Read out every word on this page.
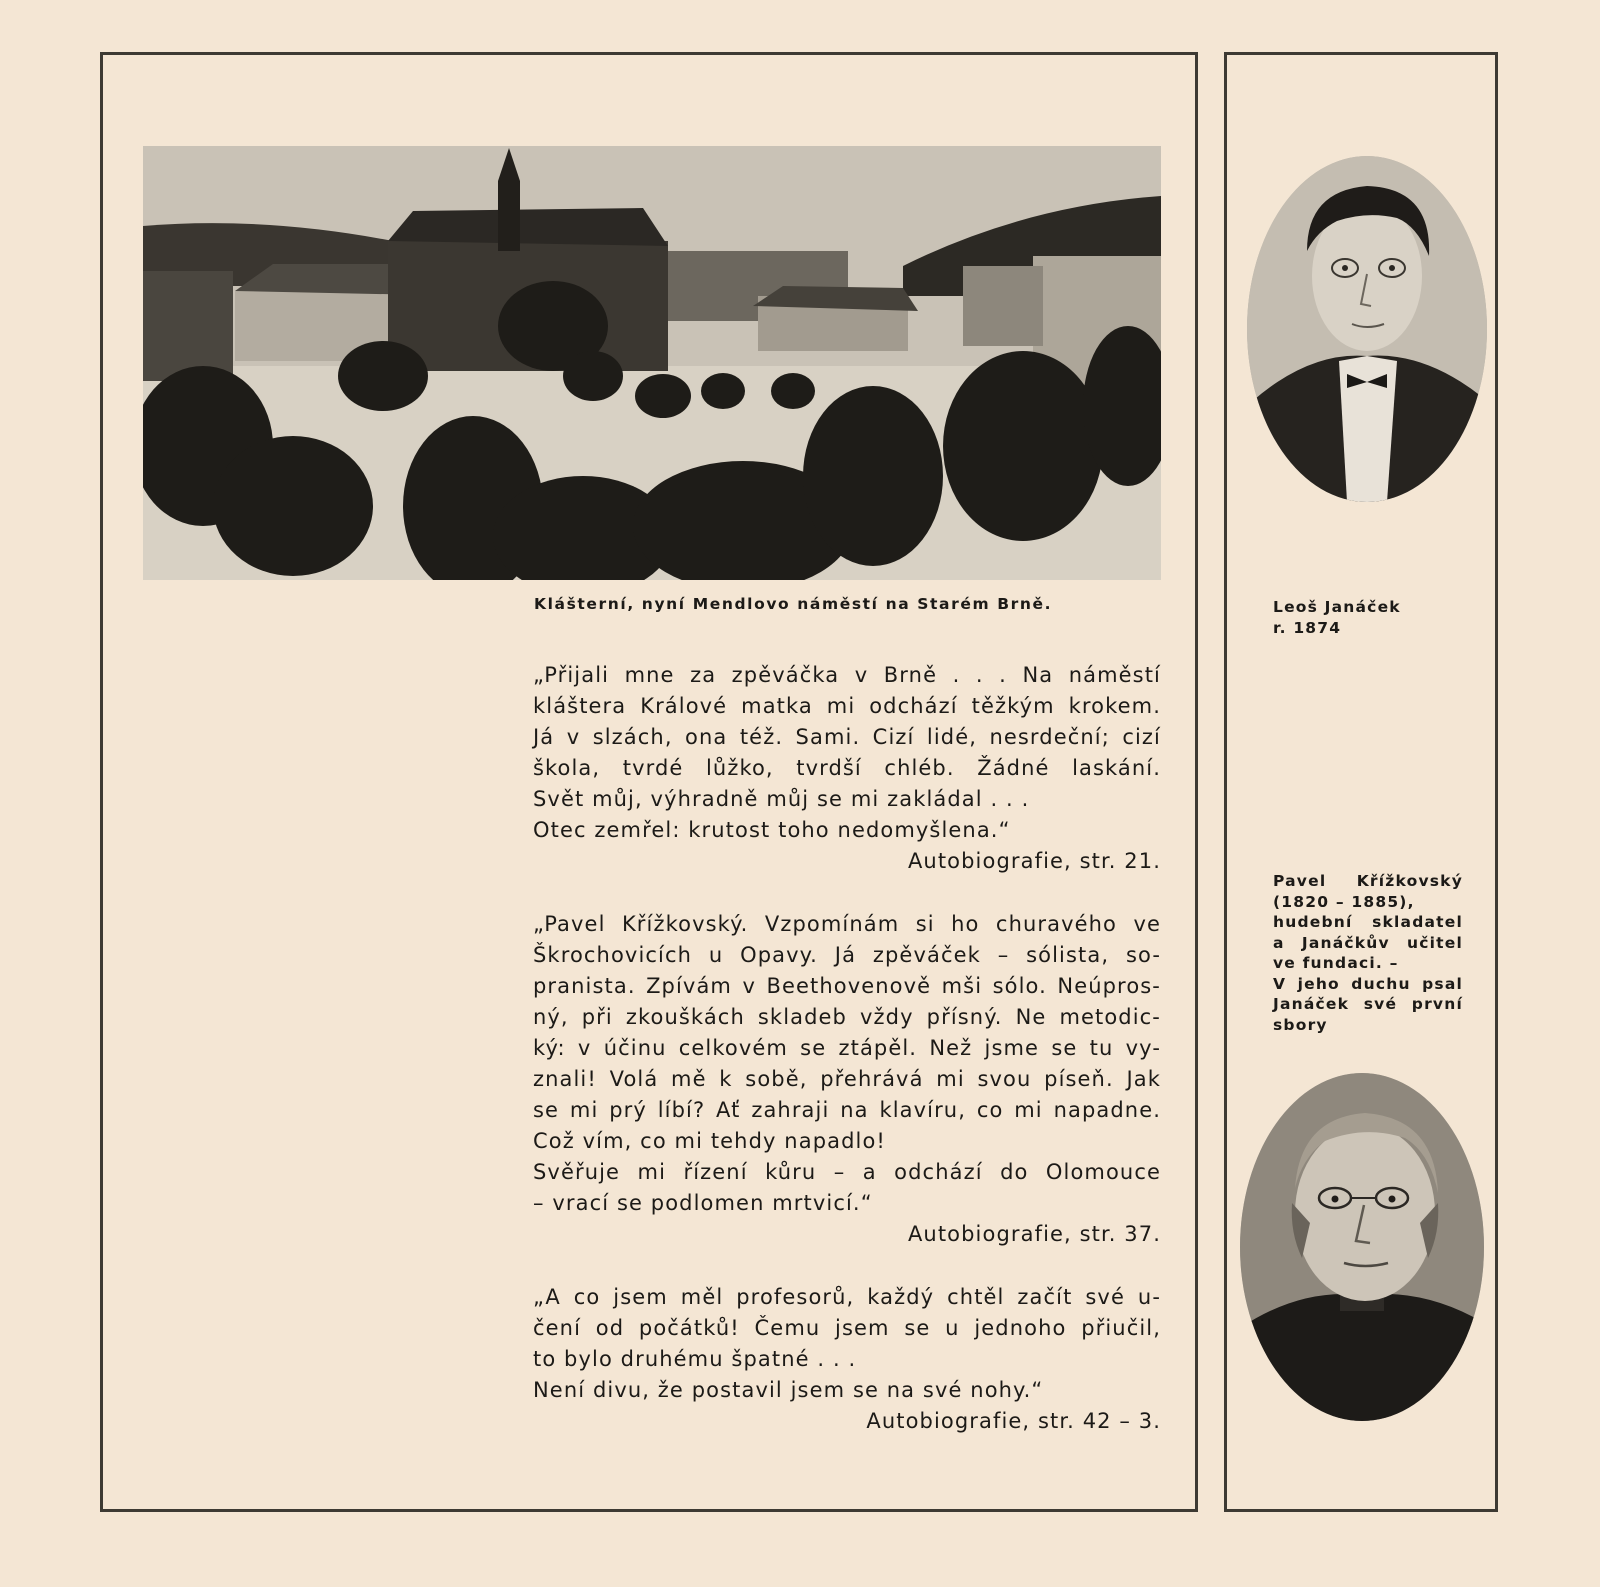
Klášterní, nyní Mendlovo náměstí na Starém Brně.
„Přijali mne za zpěváčka v Brně . . . Na náměstí
kláštera Králové matka mi odchází těžkým krokem.
Já v slzách, ona též. Sami. Cizí lidé, nesrdeční; cizí
škola, tvrdé lůžko, tvrdší chléb. Žádné laskání.
Svět můj, výhradně můj se mi zakládal . . .
Otec zemřel: krutost toho nedomyšlena.“
Autobiografie, str. 21.
„Pavel Křížkovský. Vzpomínám si ho churavého ve
Škrochovicích u Opavy. Já zpěváček – sólista, so-
pranista. Zpívám v Beethovenově mši sólo. Neúpros-
ný, při zkouškách skladeb vždy přísný. Ne metodic-
ký: v účinu celkovém se ztápěl. Než jsme se tu vy-
znali! Volá mě k sobě, přehrává mi svou píseň. Jak
se mi prý líbí? Ať zahraji na klavíru, co mi napadne.
Což vím, co mi tehdy napadlo!
Svěřuje mi řízení kůru – a odchází do Olomouce
– vrací se podlomen mrtvicí.“
Autobiografie, str. 37.
„A co jsem měl profesorů, každý chtěl začít své u-
čení od počátků! Čemu jsem se u jednoho přiučil,
to bylo druhému špatné . . .
Není divu, že postavil jsem se na své nohy.“
Autobiografie, str. 42 – 3.
Leoš Janáček
r. 1874
Pavel Křížkovský
(1820 – 1885),
hudební skladatel
a Janáčkův učitel
ve fundaci. –
V jeho duchu psal
Janáček své první
sbory
